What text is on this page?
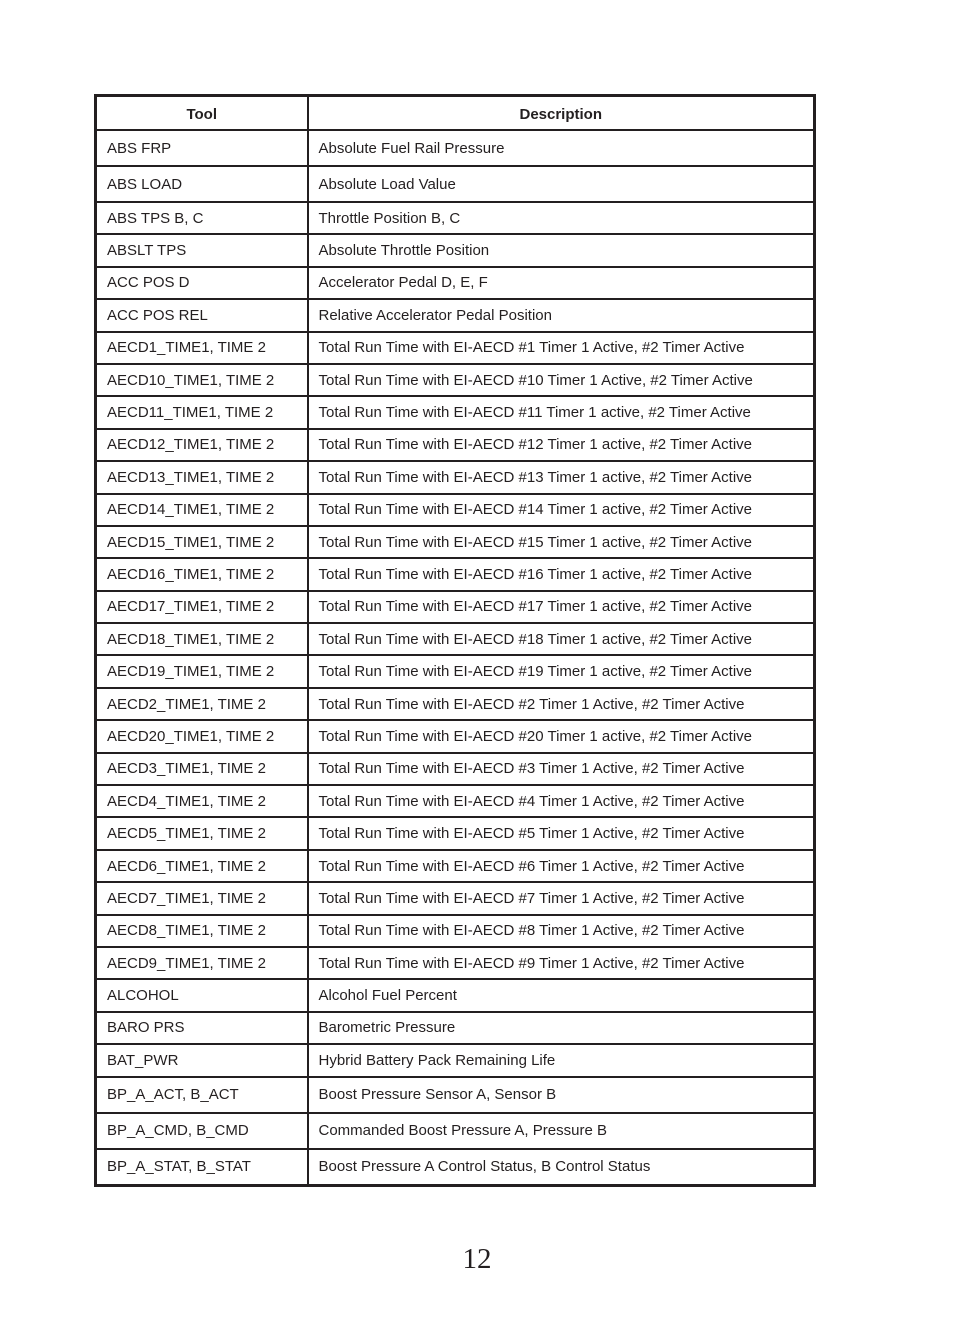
Tool	Description
ABS FRP	Absolute Fuel Rail Pressure
ABS LOAD	Absolute Load Value
ABS TPS B, C	Throttle Position B, C
ABSLT TPS	Absolute Throttle Position
ACC POS D	Accelerator Pedal D, E, F
ACC POS REL	Relative Accelerator Pedal Position
AECD1_TIME1, TIME 2	Total Run Time with EI-AECD #1 Timer 1 Active, #2 Timer Active
AECD10_TIME1, TIME 2	Total Run Time with EI-AECD #10 Timer 1 Active, #2 Timer Active
AECD11_TIME1, TIME 2	Total Run Time with EI-AECD #11 Timer 1 active, #2 Timer Active
AECD12_TIME1, TIME 2	Total Run Time with EI-AECD #12 Timer 1 active, #2 Timer Active
AECD13_TIME1, TIME 2	Total Run Time with EI-AECD #13 Timer 1 active, #2 Timer Active
AECD14_TIME1, TIME 2	Total Run Time with EI-AECD #14 Timer 1 active, #2 Timer Active
AECD15_TIME1, TIME 2	Total Run Time with EI-AECD #15 Timer 1 active, #2 Timer Active
AECD16_TIME1, TIME 2	Total Run Time with EI-AECD #16 Timer 1 active, #2 Timer Active
AECD17_TIME1, TIME 2	Total Run Time with EI-AECD #17 Timer 1 active, #2 Timer Active
AECD18_TIME1, TIME 2	Total Run Time with EI-AECD #18 Timer 1 active, #2 Timer Active
AECD19_TIME1, TIME 2	Total Run Time with EI-AECD #19 Timer 1 active, #2 Timer Active
AECD2_TIME1, TIME 2	Total Run Time with EI-AECD #2 Timer 1 Active, #2 Timer Active
AECD20_TIME1, TIME 2	Total Run Time with EI-AECD #20 Timer 1 active, #2 Timer Active
AECD3_TIME1, TIME 2	Total Run Time with EI-AECD #3 Timer 1 Active, #2 Timer Active
AECD4_TIME1, TIME 2	Total Run Time with EI-AECD #4 Timer 1 Active, #2 Timer Active
AECD5_TIME1, TIME 2	Total Run Time with EI-AECD #5 Timer 1 Active, #2 Timer Active
AECD6_TIME1, TIME 2	Total Run Time with EI-AECD #6 Timer 1 Active, #2 Timer Active
AECD7_TIME1, TIME 2	Total Run Time with EI-AECD #7 Timer 1 Active, #2 Timer Active
AECD8_TIME1, TIME 2	Total Run Time with EI-AECD #8 Timer 1 Active, #2 Timer Active
AECD9_TIME1, TIME 2	Total Run Time with EI-AECD #9 Timer 1 Active, #2 Timer Active
ALCOHOL	Alcohol Fuel Percent
BARO PRS	Barometric Pressure
BAT_PWR	Hybrid Battery Pack Remaining Life
BP_A_ACT, B_ACT	Boost Pressure Sensor A, Sensor B
BP_A_CMD, B_CMD	Commanded Boost Pressure A, Pressure B
BP_A_STAT, B_STAT	Boost Pressure A Control Status, B Control Status
12
